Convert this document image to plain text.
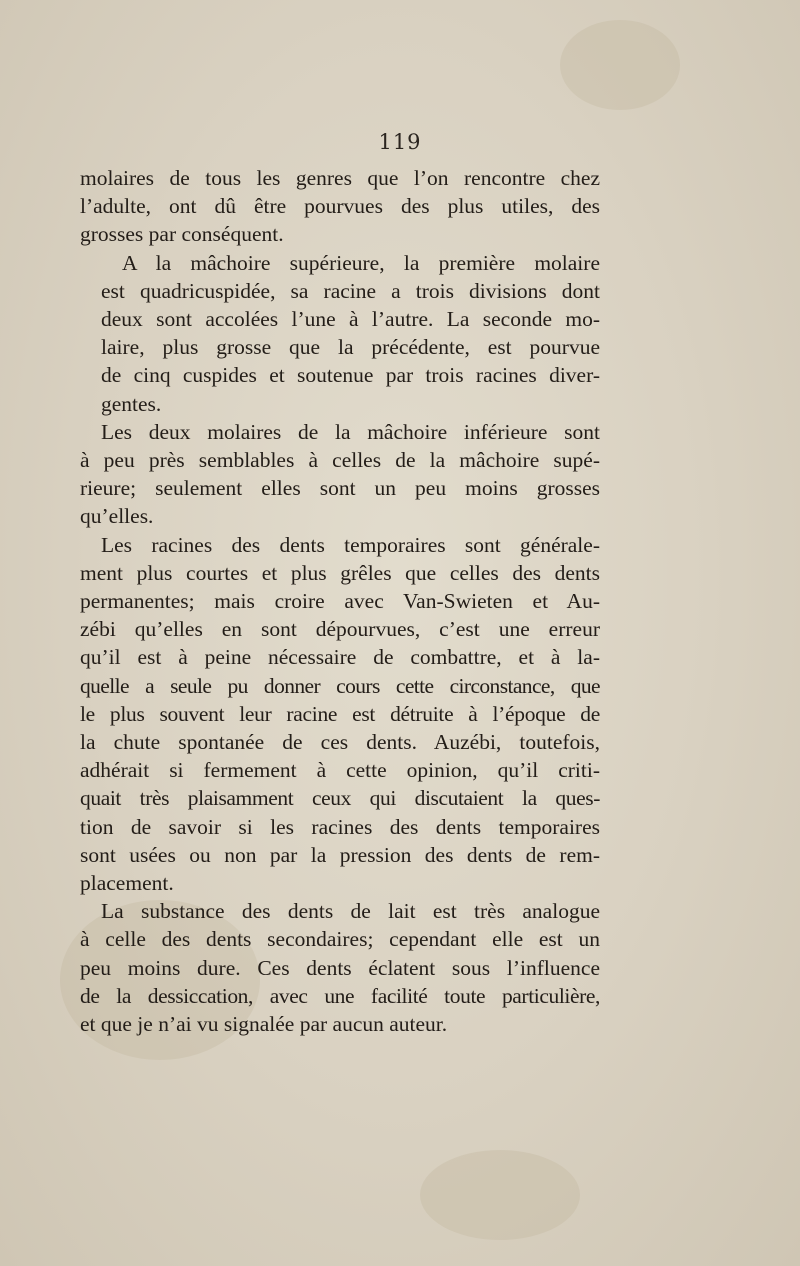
119

molaires de tous les genres que l’on rencontre chez
l’adulte, ont dû être pourvues des plus utiles, des
grosses par conséquent.

A la mâchoire supérieure, la première molaire
est quadricuspidée, sa racine a trois divisions dont
deux sont accolées l’une à l’autre. La seconde mo-
laire, plus grosse que la précédente, est pourvue
de cinq cuspides et soutenue par trois racines diver-
gentes.

Les deux molaires de la mâchoire inférieure sont
à peu près semblables à celles de la mâchoire supé-
rieure; seulement elles sont un peu moins grosses
qu’elles.

Les racines des dents temporaires sont générale-
ment plus courtes et plus grêles que celles des dents
permanentes; mais croire avec Van-Swieten et Au-
zébi qu’elles en sont dépourvues, c’est une erreur
qu’il est à peine nécessaire de combattre, et à la-
quelle a seule pu donner cours cette circonstance, que
le plus souvent leur racine est détruite à l’époque de
la chute spontanée de ces dents. Auzébi, toutefois,
adhérait si fermement à cette opinion, qu’il criti-
quait très plaisamment ceux qui discutaient la ques-
tion de savoir si les racines des dents temporaires
sont usées ou non par la pression des dents de rem-
placement.

La substance des dents de lait est très analogue
à celle des dents secondaires; cependant elle est un
peu moins dure. Ces dents éclatent sous l’influence
de la dessiccation, avec une facilité toute particulière,
et que je n’ai vu signalée par aucun auteur.
